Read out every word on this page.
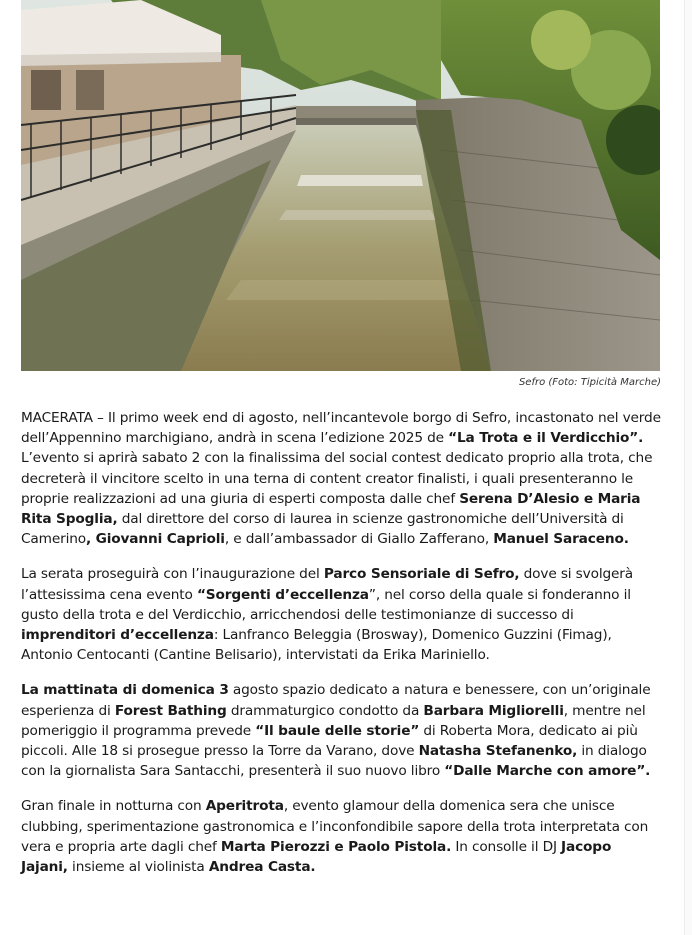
Sefro (Foto: Tipicità Marche)

MACERATA – Il primo week end di agosto, nell’incantevole borgo di Sefro, incastonato nel verde dell’Appennino marchigiano, andrà in scena l’edizione 2025 de “La Trota e il Verdicchio”. L’evento si aprirà sabato 2 con la finalissima del social contest dedicato proprio alla trota, che decreterà il vincitore scelto in una terna di content creator finalisti, i quali presenteranno le proprie realizzazioni ad una giuria di esperti composta dalle chef Serena D’Alesio e Maria Rita Spoglia, dal direttore del corso di laurea in scienze gastronomiche dell’Università di Camerino, Giovanni Caprioli, e dall’ambassador di Giallo Zafferano, Manuel Saraceno.

La serata proseguirà con l’inaugurazione del Parco Sensoriale di Sefro, dove si svolgerà l’attesissima cena evento “Sorgenti d’eccellenza”, nel corso della quale si fonderanno il gusto della trota e del Verdicchio, arricchendosi delle testimonianze di successo di imprenditori d’eccellenza: Lanfranco Beleggia (Brosway), Domenico Guzzini (Fimag), Antonio Centocanti (Cantine Belisario), intervistati da Erika Mariniello.

La mattinata di domenica 3 agosto spazio dedicato a natura e benessere, con un’originale esperienza di Forest Bathing drammaturgico condotto da Barbara Migliorelli, mentre nel pomeriggio il programma prevede “Il baule delle storie” di Roberta Mora, dedicato ai più piccoli. Alle 18 si prosegue presso la Torre da Varano, dove Natasha Stefanenko, in dialogo con la giornalista Sara Santacchi, presenterà il suo nuovo libro “Dalle Marche con amore”.

Gran finale in notturna con Aperitrota, evento glamour della domenica sera che unisce clubbing, sperimentazione gastronomica e l’inconfondibile sapore della trota interpretata con vera e propria arte dagli chef Marta Pierozzi e Paolo Pistola. In consolle il DJ Jacopo Jajani, insieme al violinista Andrea Casta.
